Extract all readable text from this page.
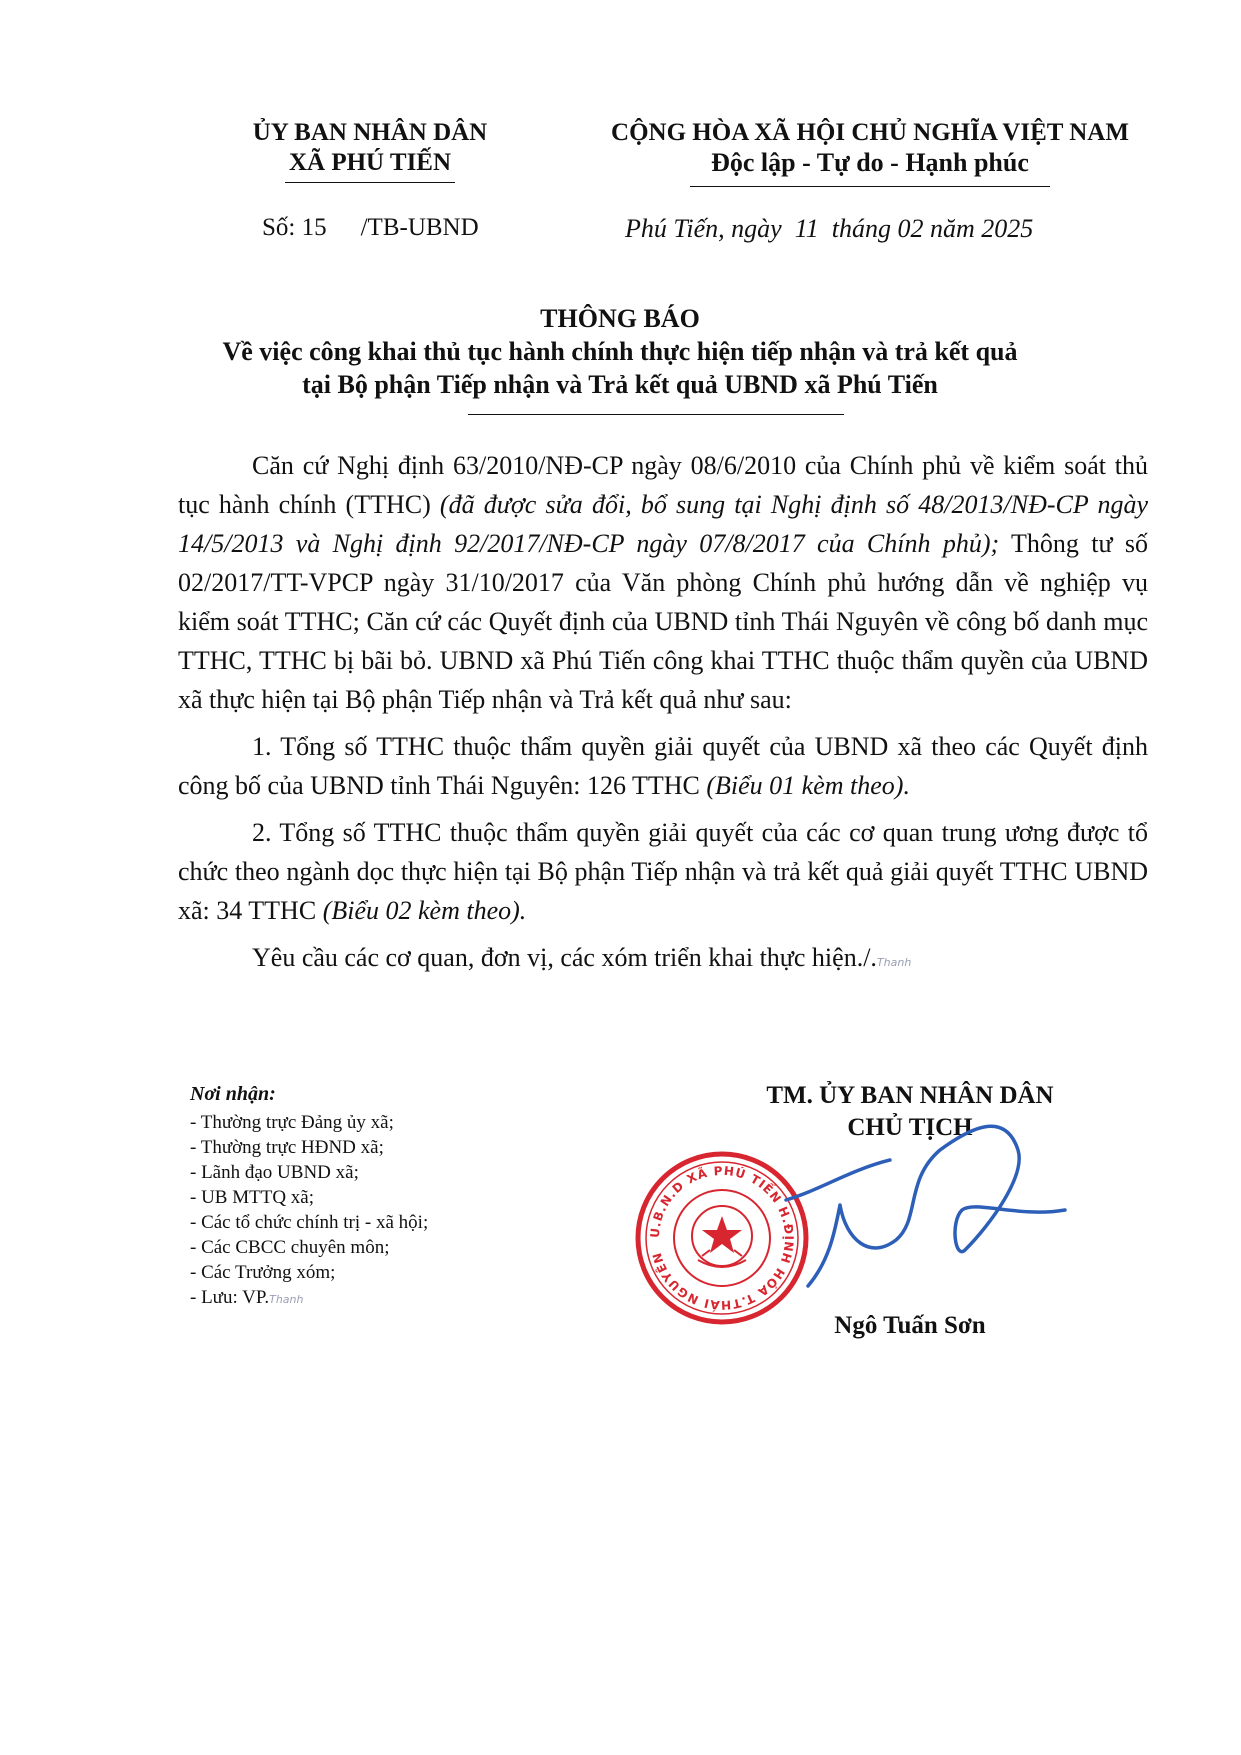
ỦY BAN NHÂN DÂN
XÃ PHÚ TIẾN
CỘNG HÒA XÃ HỘI CHỦ NGHĨA VIỆT NAM
Độc lập - Tự do - Hạnh phúc
Số: 15 /TB-UBND	Phú Tiến, ngày  11  tháng 02 năm 2025
THÔNG BÁO
Về việc công khai thủ tục hành chính thực hiện tiếp nhận và trả kết quả
tại Bộ phận Tiếp nhận và Trả kết quả UBND xã Phú Tiến

Căn cứ Nghị định 63/2010/NĐ-CP ngày 08/6/2010 của Chính phủ về kiểm soát thủ tục hành chính (TTHC) (đã được sửa đổi, bổ sung tại Nghị định số 48/2013/NĐ-CP ngày 14/5/2013 và Nghị định 92/2017/NĐ-CP ngày 07/8/2017 của Chính phủ); Thông tư số 02/2017/TT-VPCP ngày 31/10/2017 của Văn phòng Chính phủ hướng dẫn về nghiệp vụ kiểm soát TTHC; Căn cứ các Quyết định của UBND tỉnh Thái Nguyên về công bố danh mục TTHC, TTHC bị bãi bỏ. UBND xã Phú Tiến công khai TTHC thuộc thẩm quyền của UBND xã thực hiện tại Bộ phận Tiếp nhận và Trả kết quả như sau:

1. Tổng số TTHC thuộc thẩm quyền giải quyết của UBND xã theo các Quyết định công bố của UBND tỉnh Thái Nguyên: 126 TTHC (Biểu 01 kèm theo).

2. Tổng số TTHC thuộc thẩm quyền giải quyết của các cơ quan trung ương được tổ chức theo ngành dọc thực hiện tại Bộ phận Tiếp nhận và trả kết quả giải quyết TTHC UBND xã: 34 TTHC (Biểu 02 kèm theo).

Yêu cầu các cơ quan, đơn vị, các xóm triển khai thực hiện./.Thanh

Nơi nhận:
- Thường trực Đảng ủy xã;
- Thường trực HĐND xã;
- Lãnh đạo UBND xã;
- UB MTTQ xã;
- Các tổ chức chính trị - xã hội;
- Các CBCC chuyên môn;
- Các Trưởng xóm;
- Lưu: VP.Thanh
TM. ỦY BAN NHÂN DÂN
CHỦ TỊCH
U.B.N.D XÃ PHÚ TIẾN H.ĐỊNH HÓA T.THÁI NGUYÊN
Ngô Tuấn Sơn
